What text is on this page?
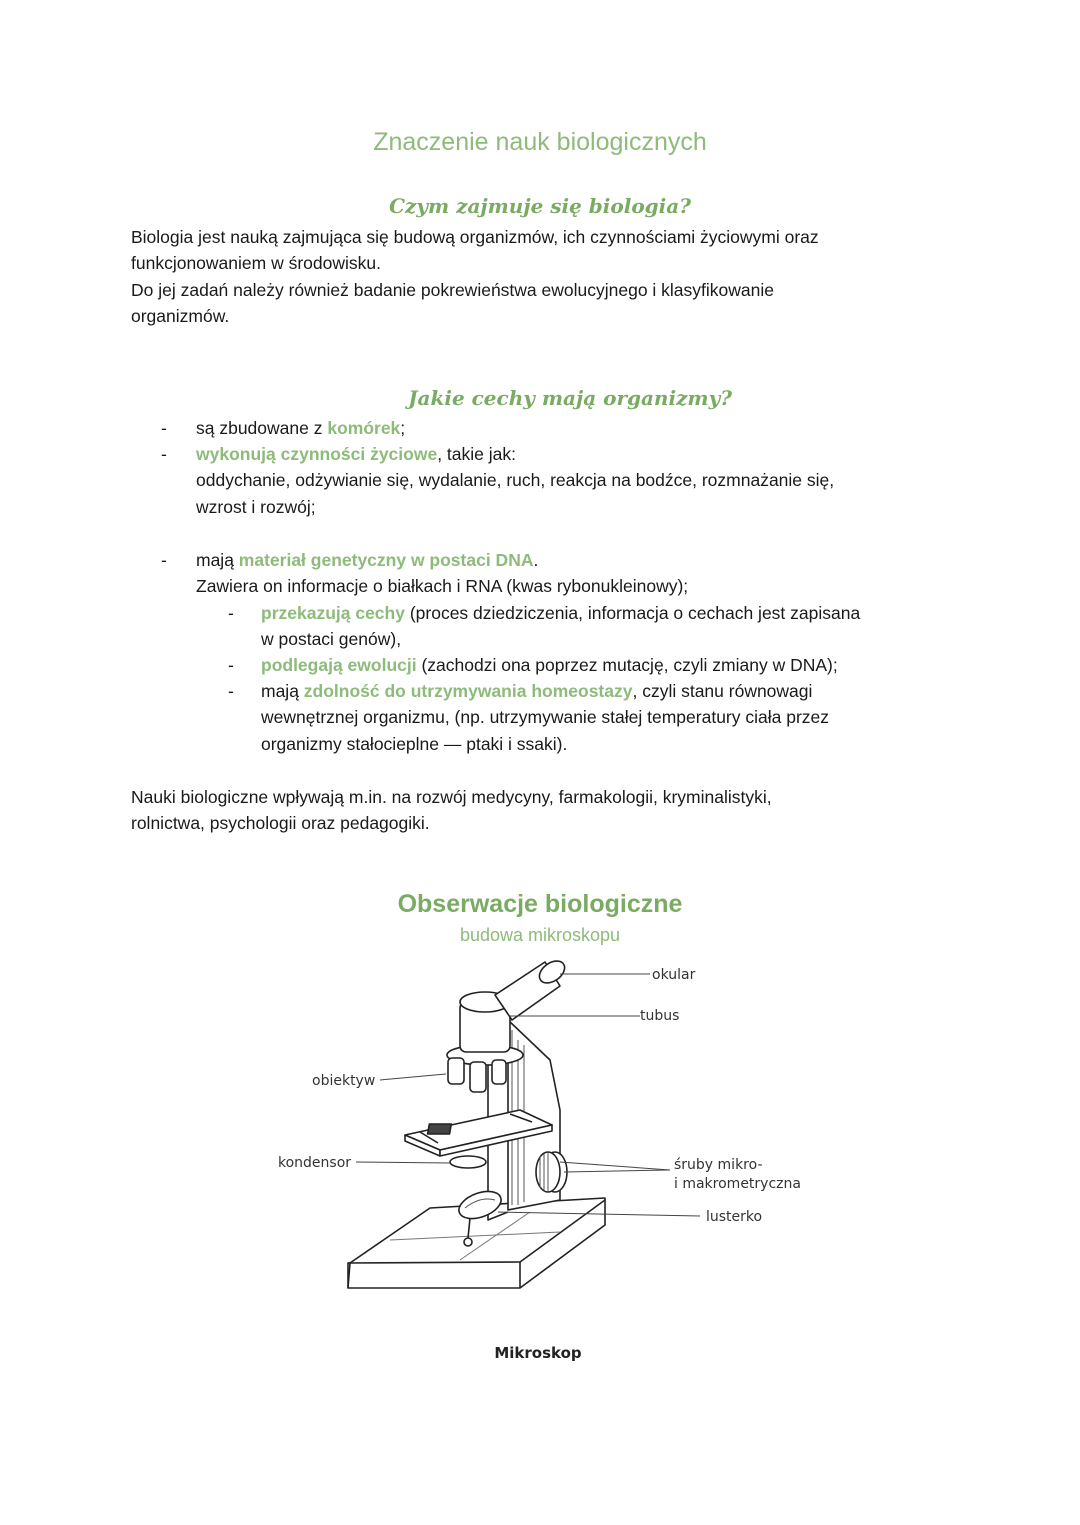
Znaczenie nauk biologicznych
Czym zajmuje się biologia?

Biologia jest nauką zajmująca się budową organizmów, ich czynnościami życiowymi oraz
funkcjonowaniem w środowisku.
Do jej zadań należy również badanie pokrewieństwa ewolucyjnego i klasyfikowanie
organizmów.

Jakie cechy mają organizmy?
- są zbudowane z komórek;
- wykonują czynności życiowe, takie jak:
oddychanie, odżywianie się, wydalanie, ruch, reakcja na bodźce, rozmnażanie się,
wzrost i rozwój;
- mają materiał genetyczny w postaci DNA.
Zawiera on informacje o białkach i RNA (kwas rybonukleinowy);
- przekazują cechy (proces dziedziczenia, informacja o cechach jest zapisana
w postaci genów),
- podlegają ewolucji (zachodzi ona poprzez mutację, czyli zmiany w DNA);
- mają zdolność do utrzymywania homeostazy, czyli stanu równowagi
wewnętrznej organizmu, (np. utrzymywanie stałej temperatury ciała przez
organizmy stałocieplne — ptaki i ssaki).

Nauki biologiczne wpływają m.in. na rozwój medycyny, farmakologii, kryminalistyki,
rolnictwa, psychologii oraz pedagogiki.

Obserwacje biologiczne
budowa mikroskopu
okular
tubus
obiektyw
kondensor	śruby mikro-
i makrometryczna
lusterko
Mikroskop
